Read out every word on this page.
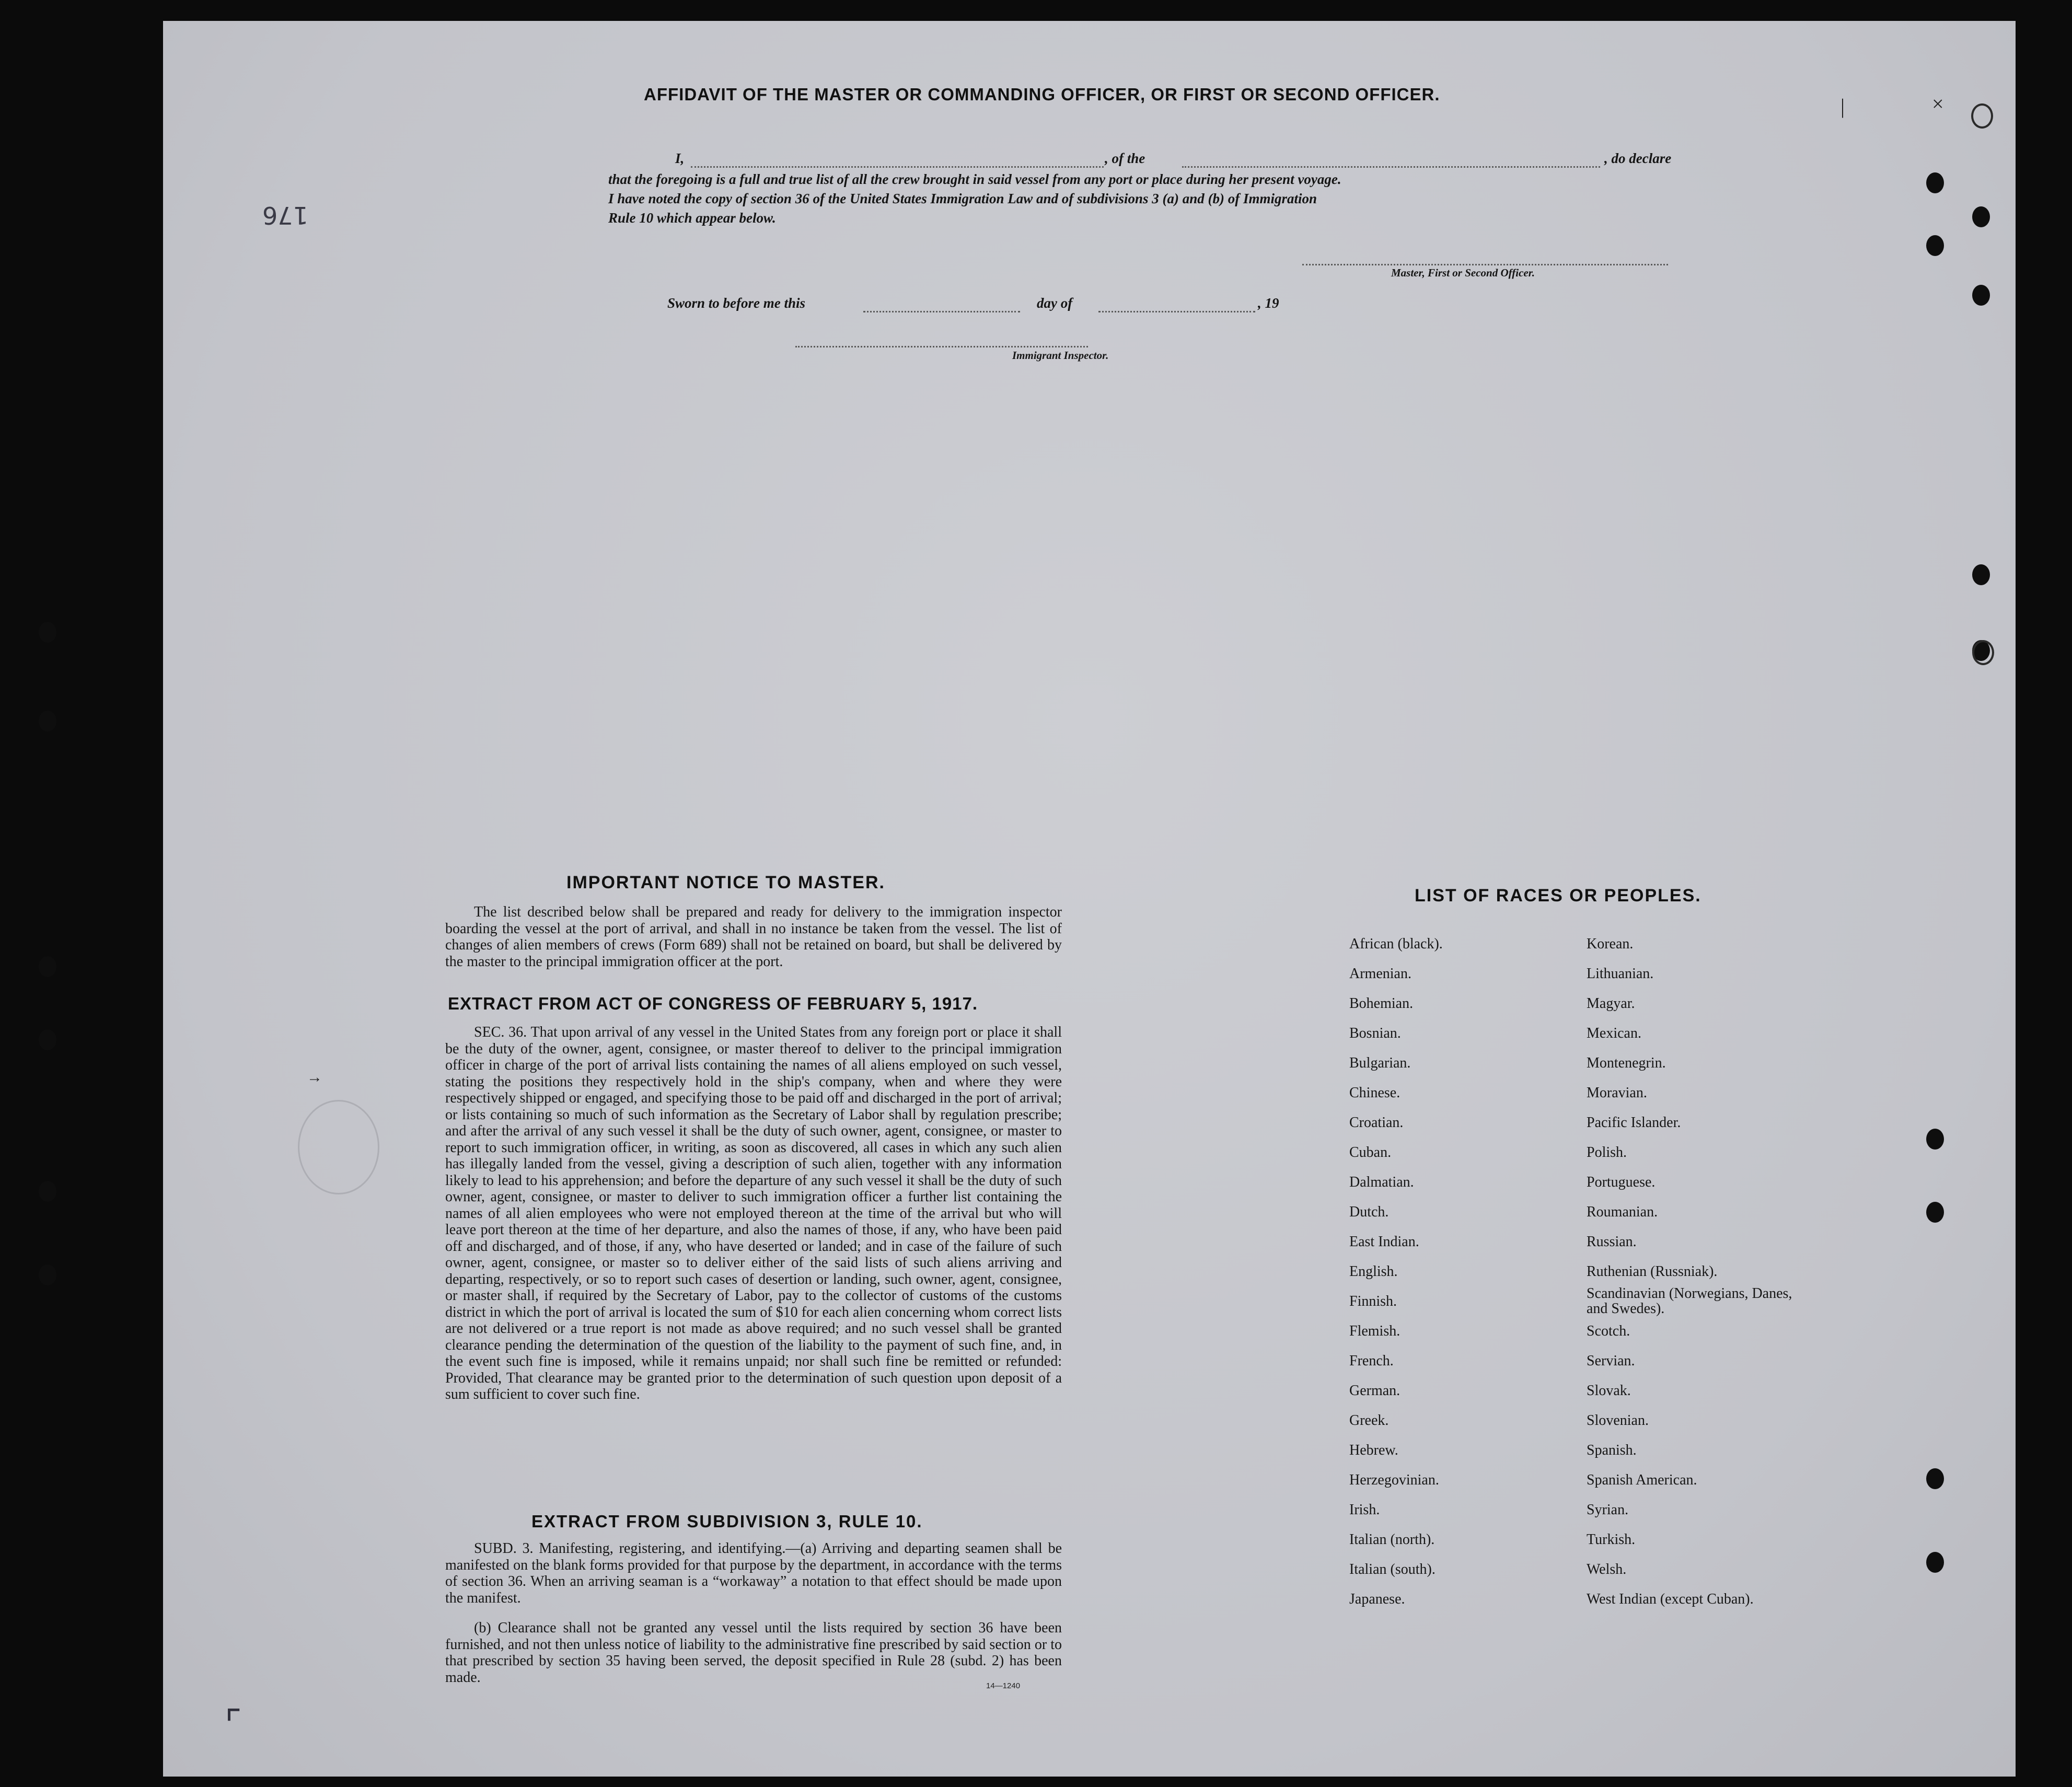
176
AFFIDAVIT OF THE MASTER OR COMMANDING OFFICER, OR FIRST OR SECOND OFFICER.
I,	, of the	, do declare
that the foregoing is a full and true list of all the crew brought in said vessel from any port or place during her present voyage.
I have noted the copy of section 36 of the United States Immigration Law and of subdivisions 3 (a) and (b) of Immigration
Rule 10 which appear below.
Master, First or Second Officer.
Sworn to before me this	day of	, 19
Immigrant Inspector.
IMPORTANT NOTICE TO MASTER.
The list described below shall be prepared and ready for delivery to the immigration inspector boarding the vessel at the port of arrival, and shall in no instance be taken from the vessel. The list of changes of alien members of crews (Form 689) shall not be retained on board, but shall be delivered by the master to the principal immigration officer at the port.
EXTRACT FROM ACT OF CONGRESS OF FEBRUARY 5, 1917.
SEC. 36. That upon arrival of any vessel in the United States from any foreign port or place it shall be the duty of the owner, agent, consignee, or master thereof to deliver to the principal immigration officer in charge of the port of arrival lists containing the names of all aliens employed on such vessel, stating the positions they respectively hold in the ship's company, when and where they were respectively shipped or engaged, and specifying those to be paid off and discharged in the port of arrival; or lists containing so much of such information as the Secretary of Labor shall by regulation prescribe; and after the arrival of any such vessel it shall be the duty of such owner, agent, consignee, or master to report to such immigration officer, in writing, as soon as discovered, all cases in which any such alien has illegally landed from the vessel, giving a description of such alien, together with any information likely to lead to his apprehension; and before the departure of any such vessel it shall be the duty of such owner, agent, consignee, or master to deliver to such immigration officer a further list containing the names of all alien employees who were not employed thereon at the time of the arrival but who will leave port thereon at the time of her departure, and also the names of those, if any, who have been paid off and discharged, and of those, if any, who have deserted or landed; and in case of the failure of such owner, agent, consignee, or master so to deliver either of the said lists of such aliens arriving and departing, respectively, or so to report such cases of desertion or landing, such owner, agent, consignee, or master shall, if required by the Secretary of Labor, pay to the collector of customs of the customs district in which the port of arrival is located the sum of $10 for each alien concerning whom correct lists are not delivered or a true report is not made as above required; and no such vessel shall be granted clearance pending the determination of the question of the liability to the payment of such fine, and, in the event such fine is imposed, while it remains unpaid; nor shall such fine be remitted or refunded: Provided, That clearance may be granted prior to the determination of such question upon deposit of a sum sufficient to cover such fine.
→
EXTRACT FROM SUBDIVISION 3, RULE 10.
SUBD. 3. Manifesting, registering, and identifying.—(a) Arriving and departing seamen shall be manifested on the blank forms provided for that purpose by the department, in accordance with the terms of section 36. When an arriving seaman is a “workaway” a notation to that effect should be made upon the manifest.
(b) Clearance shall not be granted any vessel until the lists required by section 36 have been furnished, and not then unless notice of liability to the administrative fine prescribed by said section or to that prescribed by section 35 having been served, the deposit specified in Rule 28 (subd. 2) has been made.
14—1240
⌜
LIST OF RACES OR PEOPLES.
African (black).
Armenian.
Bohemian.
Bosnian.
Bulgarian.
Chinese.
Croatian.
Cuban.
Dalmatian.
Dutch.
East Indian.
English.
Finnish.
Flemish.
French.
German.
Greek.
Hebrew.
Herzegovinian.
Irish.
Italian (north).
Italian (south).
Japanese.
Korean.
Lithuanian.
Magyar.
Mexican.
Montenegrin.
Moravian.
Pacific Islander.
Polish.
Portuguese.
Roumanian.
Russian.
Ruthenian (Russniak).
Scandinavian (Norwegians, Danes, and Swedes).
Scotch.
Servian.
Slovak.
Slovenian.
Spanish.
Spanish American.
Syrian.
Turkish.
Welsh.
West Indian (except Cuban).
|	×
